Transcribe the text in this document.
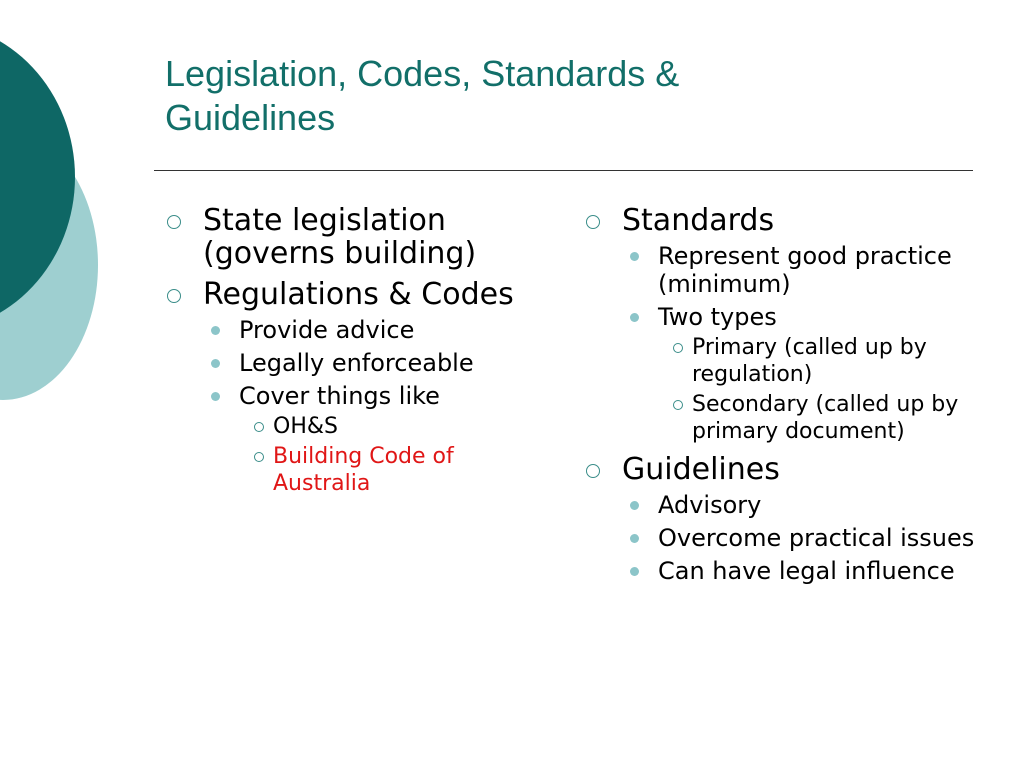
Legislation, Codes, Standards &
Guidelines
State legislation (governs building)
Regulations & Codes
Provide advice
Legally enforceable
Cover things like
OH&S
Building Code of Australia
Standards
Represent good practice (minimum)
Two types
Primary (called up by regulation)
Secondary (called up by primary document)
Guidelines
Advisory
Overcome practical issues
Can have legal influence
